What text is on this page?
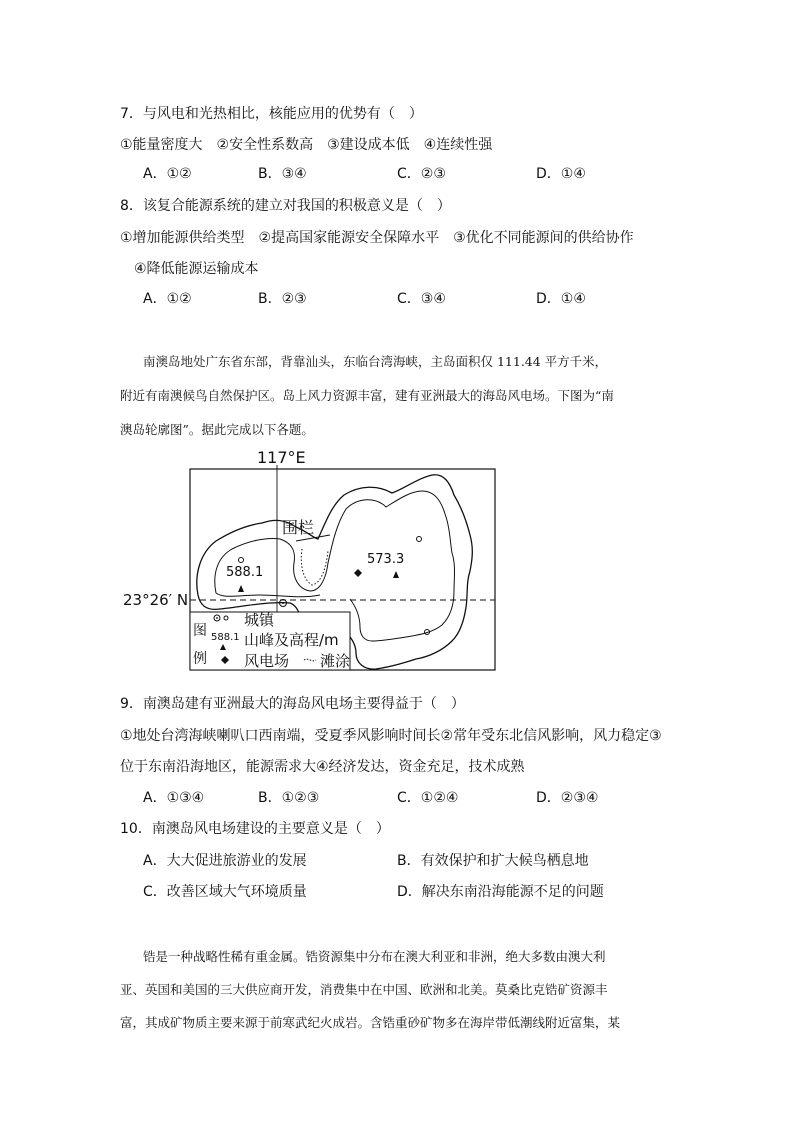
7．与风电和光热相比，核能应用的优势有（　）
①能量密度大　②安全性系数高　③建设成本低　④连续性强
A．①②	B．③④	C．②③	D．①④
8．该复合能源系统的建立对我国的积极意义是（　）
①增加能源供给类型　②提高国家能源安全保障水平　③优化不同能源间的供给协作
④降低能源运输成本
A．①②	B．②③	C．③④	D．①④
南澳岛地处广东省东部，背靠汕头，东临台湾海峡，主岛面积仅 111.44 平方千米，
附近有南澳候鸟自然保护区。岛上风力资源丰富，建有亚洲最大的海岛风电场。下图为“南
澳岛轮廓图”。据此完成以下各题。
117°E
23°26′ N
围栏
588.1
573.3
图
例
城镇
588.1 山峰及高程/m
风电场 滩涂
9．南澳岛建有亚洲最大的海岛风电场主要得益于（　）
①地处台湾海峡喇叭口西南端，受夏季风影响时间长②常年受东北信风影响，风力稳定③
位于东南沿海地区，能源需求大④经济发达，资金充足，技术成熟
A．①③④	B．①②③	C．①②④	D．②③④
10．南澳岛风电场建设的主要意义是（　）
A．大大促进旅游业的发展	B．有效保护和扩大候鸟栖息地
C．改善区域大气环境质量	D．解决东南沿海能源不足的问题
锆是一种战略性稀有重金属。锆资源集中分布在澳大利亚和非洲，绝大多数由澳大利
亚、英国和美国的三大供应商开发，消费集中在中国、欧洲和北美。莫桑比克锆矿资源丰
富，其成矿物质主要来源于前寒武纪火成岩。含锆重砂矿物多在海岸带低潮线附近富集，某
